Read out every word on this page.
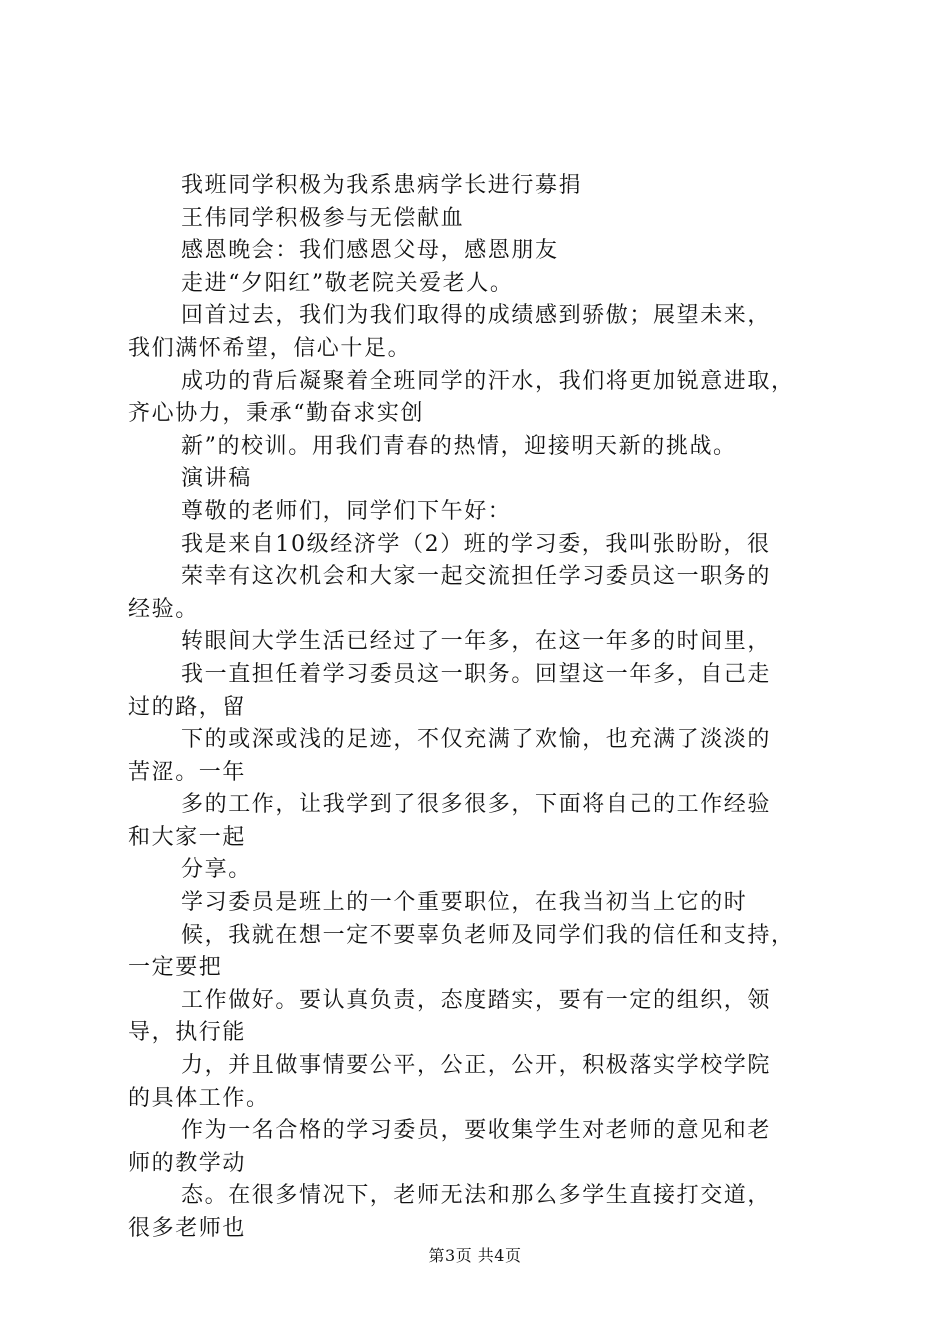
我班同学积极为我系患病学长进行募捐
王伟同学积极参与无偿献血
感恩晚会：我们感恩父母，感恩朋友
走进“夕阳红”敬老院关爱老人。
回首过去，我们为我们取得的成绩感到骄傲；展望未来，
我们满怀希望，信心十足。
成功的背后凝聚着全班同学的汗水，我们将更加锐意进取，
齐心协力，秉承“勤奋求实创
新”的校训。用我们青春的热情，迎接明天新的挑战。
演讲稿
尊敬的老师们，同学们下午好：
我是来自10级经济学（2）班的学习委，我叫张盼盼，很
荣幸有这次机会和大家一起交流担任学习委员这一职务的
经验。
转眼间大学生活已经过了一年多，在这一年多的时间里，
我一直担任着学习委员这一职务。回望这一年多，自己走
过的路，留
下的或深或浅的足迹，不仅充满了欢愉，也充满了淡淡的
苦涩。一年
多的工作，让我学到了很多很多，下面将自己的工作经验
和大家一起
分享。
学习委员是班上的一个重要职位，在我当初当上它的时
候，我就在想一定不要辜负老师及同学们我的信任和支持，
一定要把
工作做好。要认真负责，态度踏实，要有一定的组织，领
导，执行能
力，并且做事情要公平，公正，公开，积极落实学校学院
的具体工作。
作为一名合格的学习委员，要收集学生对老师的意见和老
师的教学动
态。在很多情况下，老师无法和那么多学生直接打交道，
很多老师也
第3页 共4页
